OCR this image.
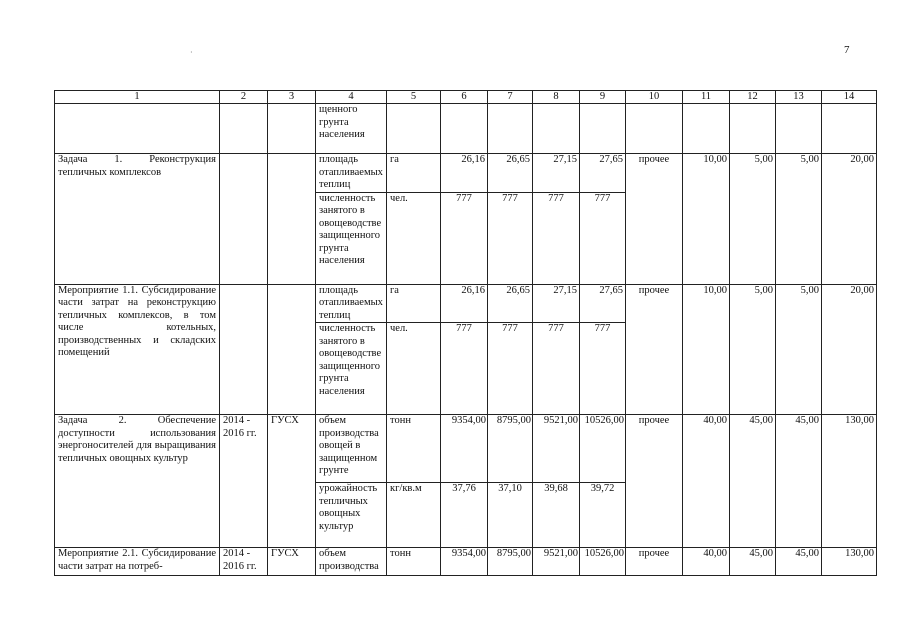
7
·
1	2	3	4	5	6	7	8	9	10	11	12	13	14
			щенного грунта населения										
Задача 1. Реконструкция тепличных комплексов			площадь отапливаемых теплиц	га	26,16	26,65	27,15	27,65	прочее	10,00	5,00	5,00	20,00
			численность занятого в овощеводстве защищенного грунта населения	чел.	777	777	777	777					
Мероприятие 1.1. Субсидирование части затрат на реконструкцию тепличных комплексов, в том числе котельных, производственных и складских помещений			площадь отапливаемых теплиц	га	26,16	26,65	27,15	27,65	прочее	10,00	5,00	5,00	20,00
			численность занятого в овощеводстве защищенного грунта населения	чел.	777	777	777	777					
Задача 2. Обеспечение доступности использования энергоносителей для выращивания тепличных овощных культур	2014 - 2016 гг.	ГУСХ	объем производства овощей в защищенном грунте	тонн	9354,00	8795,00	9521,00	10526,00	прочее	40,00	45,00	45,00	130,00
			урожайность тепличных овощных культур	кг/кв.м	37,76	37,10	39,68	39,72					
Мероприятие 2.1. Субсидирование части затрат на потреб-	2014 - 2016 гг.	ГУСХ	объем производства	тонн	9354,00	8795,00	9521,00	10526,00	прочее	40,00	45,00	45,00	130,00
